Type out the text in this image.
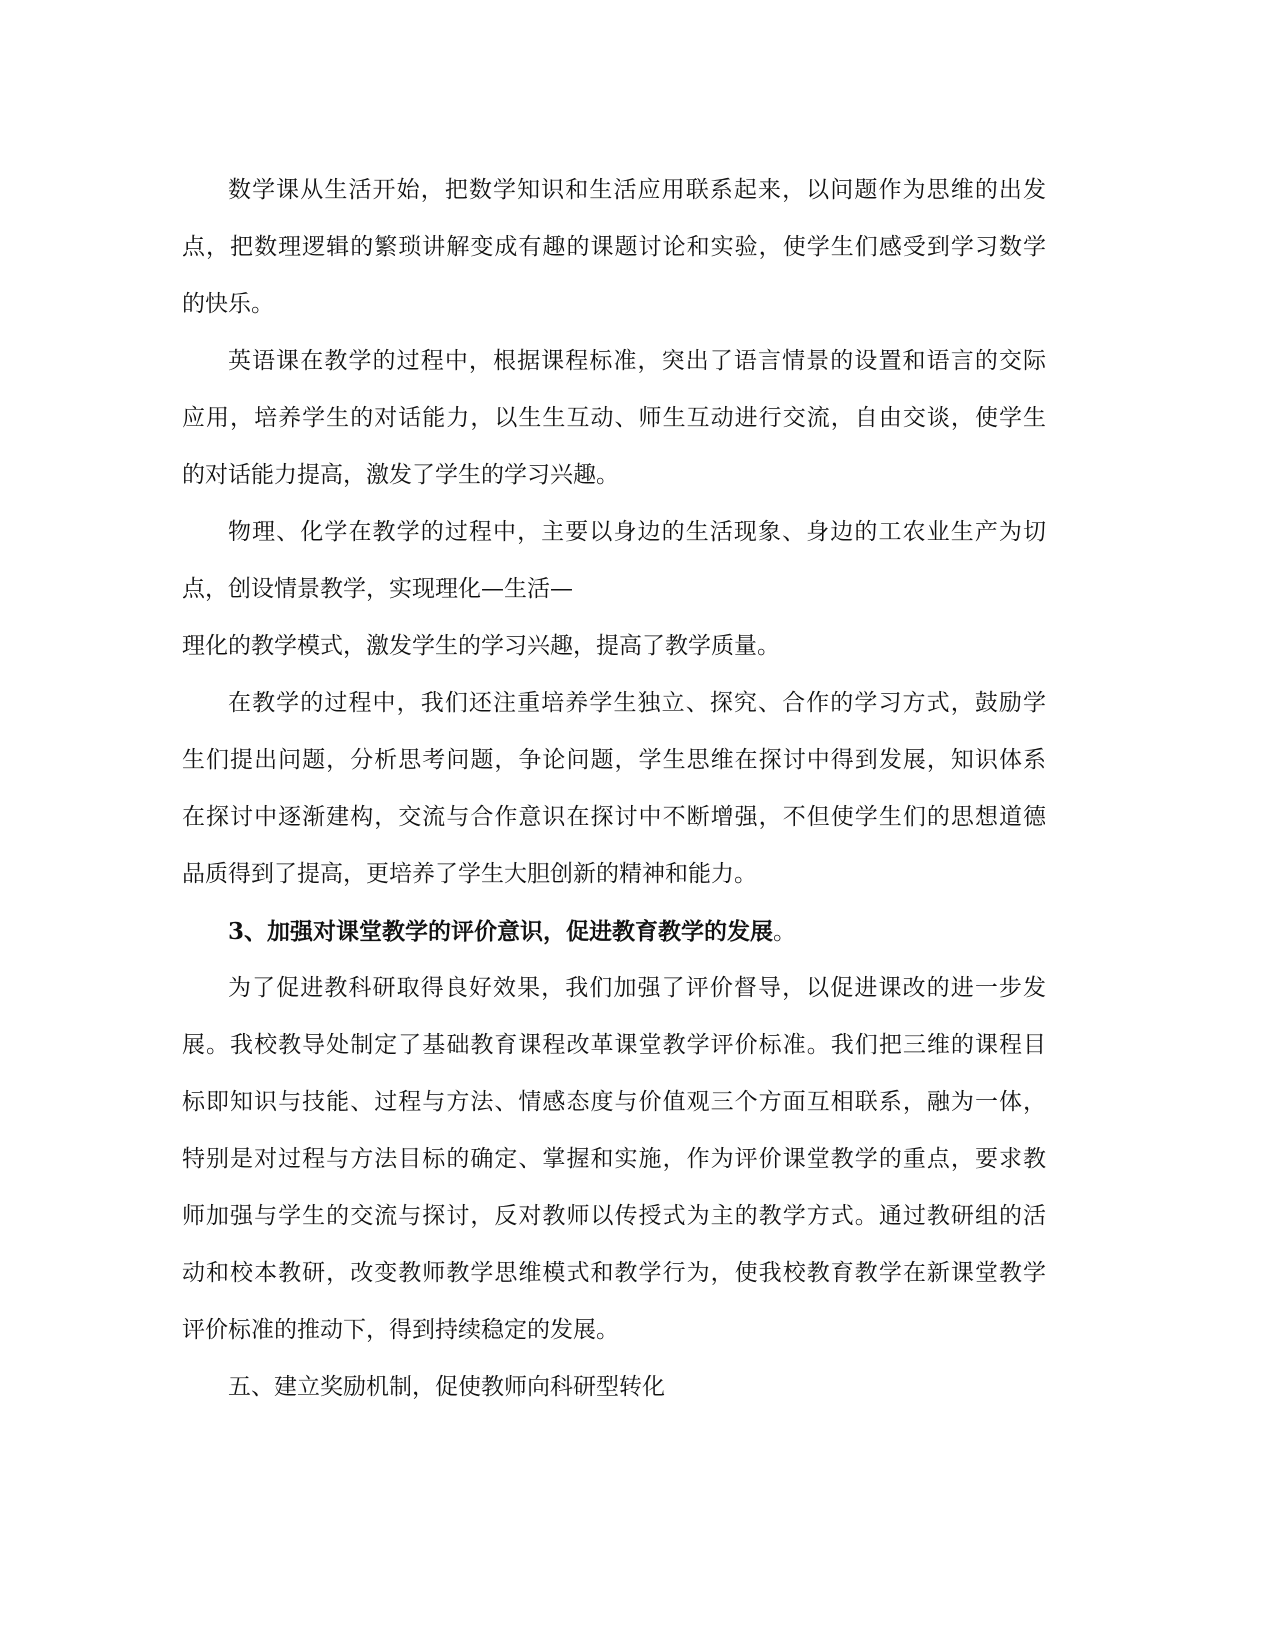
数学课从生活开始，把数学知识和生活应用联系起来，以问题作为思维的出发
点，把数理逻辑的繁琐讲解变成有趣的课题讨论和实验，使学生们感受到学习数学
的快乐。
英语课在教学的过程中，根据课程标准，突出了语言情景的设置和语言的交际
应用，培养学生的对话能力，以生生互动、师生互动进行交流，自由交谈，使学生
的对话能力提高，激发了学生的学习兴趣。
物理、化学在教学的过程中，主要以身边的生活现象、身边的工农业生产为切
点，创设情景教学，实现理化—生活—
理化的教学模式，激发学生的学习兴趣，提高了教学质量。
在教学的过程中，我们还注重培养学生独立、探究、合作的学习方式，鼓励学
生们提出问题，分析思考问题，争论问题，学生思维在探讨中得到发展，知识体系
在探讨中逐渐建构，交流与合作意识在探讨中不断增强，不但使学生们的思想道德
品质得到了提高，更培养了学生大胆创新的精神和能力。
3、加强对课堂教学的评价意识，促进教育教学的发展。
为了促进教科研取得良好效果，我们加强了评价督导，以促进课改的进一步发
展。我校教导处制定了基础教育课程改革课堂教学评价标准。我们把三维的课程目
标即知识与技能、过程与方法、情感态度与价值观三个方面互相联系，融为一体，
特别是对过程与方法目标的确定、掌握和实施，作为评价课堂教学的重点，要求教
师加强与学生的交流与探讨，反对教师以传授式为主的教学方式。通过教研组的活
动和校本教研，改变教师教学思维模式和教学行为，使我校教育教学在新课堂教学
评价标准的推动下，得到持续稳定的发展。
五、建立奖励机制，促使教师向科研型转化
